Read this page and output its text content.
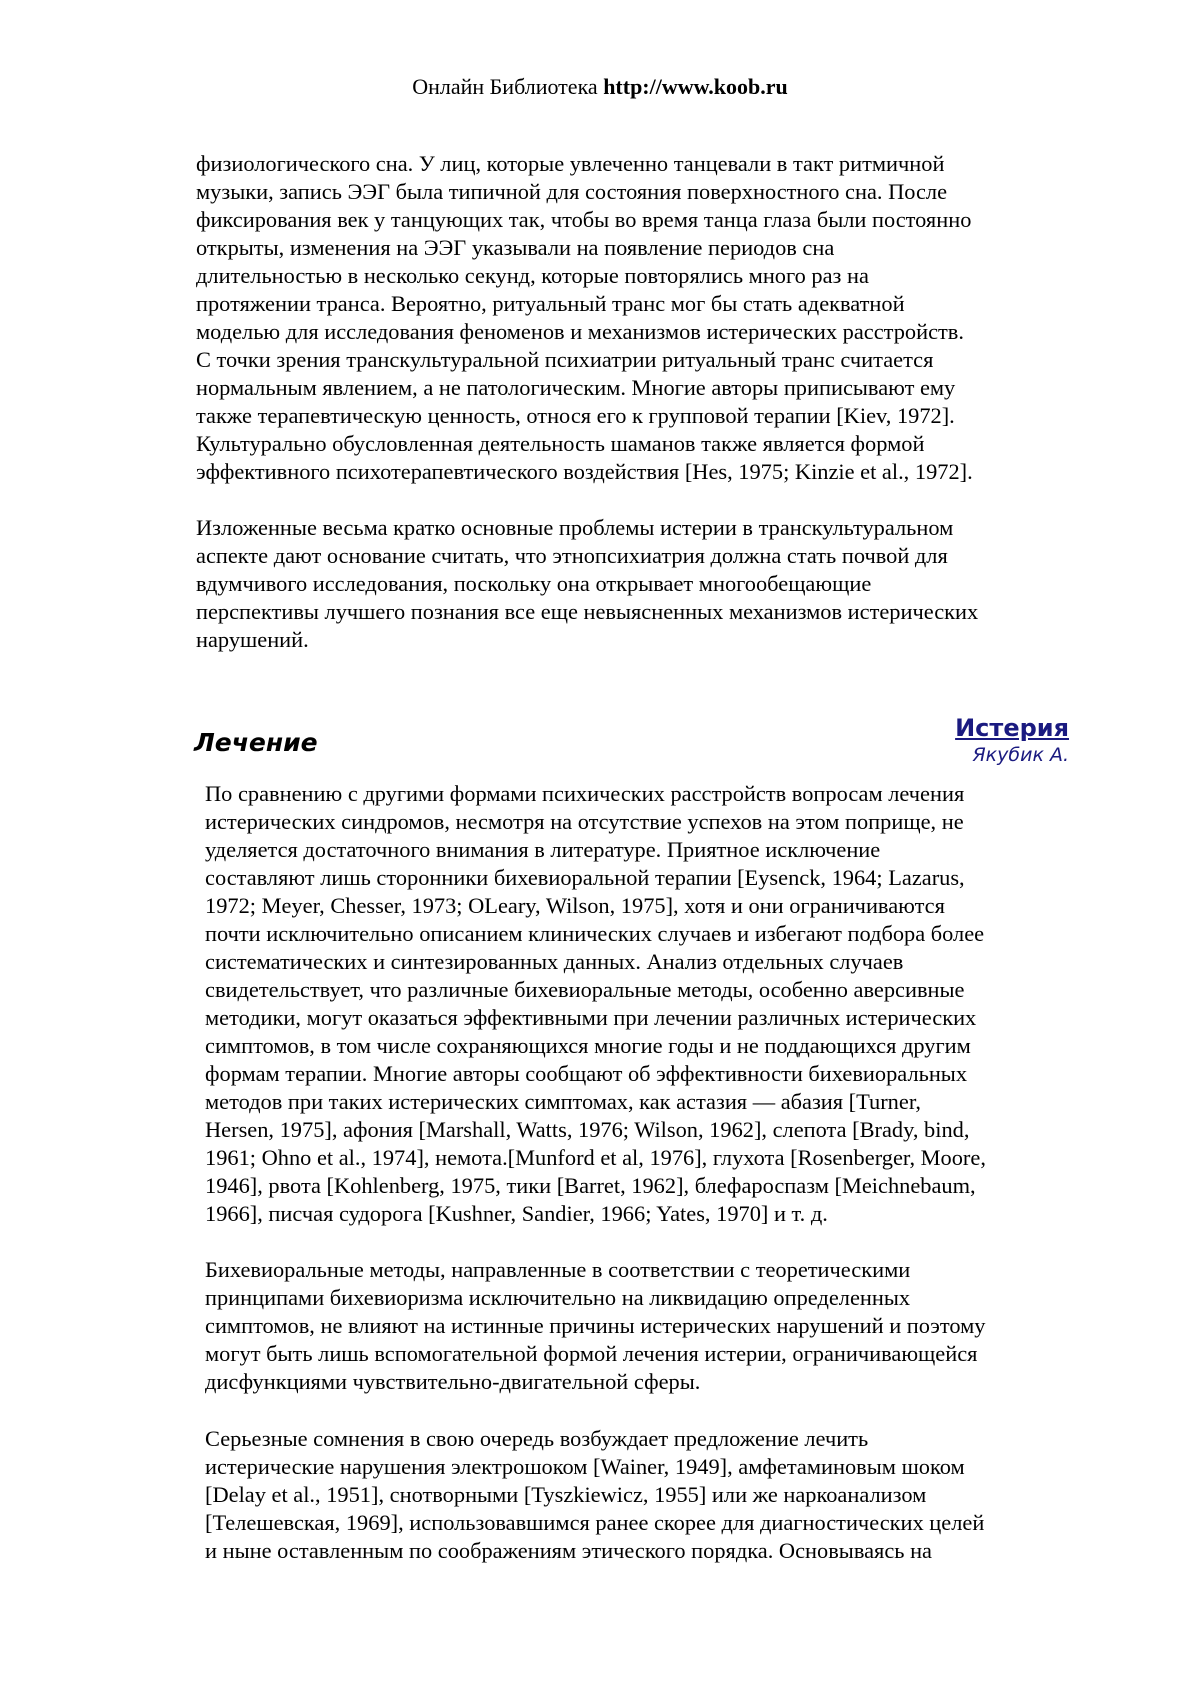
Онлайн Библиотека http://www.koob.ru
физиологического сна. У лиц, которые увлеченно танцевали в такт ритмичной
музыки, запись ЭЭГ была типичной для состояния поверхностного сна. После
фиксирования век у танцующих так, чтобы во время танца глаза были постоянно
открыты, изменения на ЭЭГ указывали на появление периодов сна
длительностью в несколько секунд, которые повторялись много раз на
протяжении транса. Вероятно, ритуальный транс мог бы стать адекватной
моделью для исследования феноменов и механизмов истерических расстройств.
С точки зрения транскультуральной психиатрии ритуальный транс считается
нормальным явлением, а не патологическим. Многие авторы приписывают ему
также терапевтическую ценность, относя его к групповой терапии [Kiev, 1972].
Культурально обусловленная деятельность шаманов также является формой
эффективного психотерапевтического воздействия [Hes, 1975; Kinzie et al., 1972].
Изложенные весьма кратко основные проблемы истерии в транскультуральном
аспекте дают основание считать, что этнопсихиатрия должна стать почвой для
вдумчивого исследования, поскольку она открывает многообещающие
перспективы лучшего познания все еще невыясненных механизмов истерических
нарушений.
Лечение	Истерия
Якубик А.
По сравнению с другими формами психических расстройств вопросам лечения
истерических синдромов, несмотря на отсутствие успехов на этом поприще, не
уделяется достаточного внимания в литературе. Приятное исключение
составляют лишь сторонники бихевиоральной терапии [Eysenck, 1964; Lazarus,
1972; Meyer, Chesser, 1973; OLeary, Wilson, 1975], хотя и они ограничиваются
почти исключительно описанием клинических случаев и избегают подбора более
систематических и синтезированных данных. Анализ отдельных случаев
свидетельствует, что различные бихевиоральные методы, особенно аверсивные
методики, могут оказаться эффективными при лечении различных истерических
симптомов, в том числе сохраняющихся многие годы и не поддающихся другим
формам терапии. Многие авторы сообщают об эффективности бихевиоральных
методов при таких истерических симптомах, как астазия — абазия [Turner,
Hersen, 1975], афония [Marshall, Watts, 1976; Wilson, 1962], слепота [Brady, bind,
1961; Ohno et al., 1974], немота.[Munford et al, 1976], глухота [Rosenberger, Moore,
1946], рвота [Kohlenberg, 1975, тики [Barret, 1962], блефароспазм [Meichnebaum,
1966], писчая судорога [Kushner, Sandier, 1966; Yates, 1970] и т. д.
Бихевиоральные методы, направленные в соответствии с теоретическими
принципами бихевиоризма исключительно на ликвидацию определенных
симптомов, не влияют на истинные причины истерических нарушений и поэтому
могут быть лишь вспомогательной формой лечения истерии, ограничивающейся
дисфункциями чувствительно-двигательной сферы.
Серьезные сомнения в свою очередь возбуждает предложение лечить
истерические нарушения электрошоком [Wainer, 1949], амфетаминовым шоком
[Delay et al., 1951], снотворными [Tyszkiewicz, 1955] или же наркоанализом
[Телешевская, 1969], использовавшимся ранее скорее для диагностических целей
и ныне оставленным по соображениям этического порядка. Основываясь на
